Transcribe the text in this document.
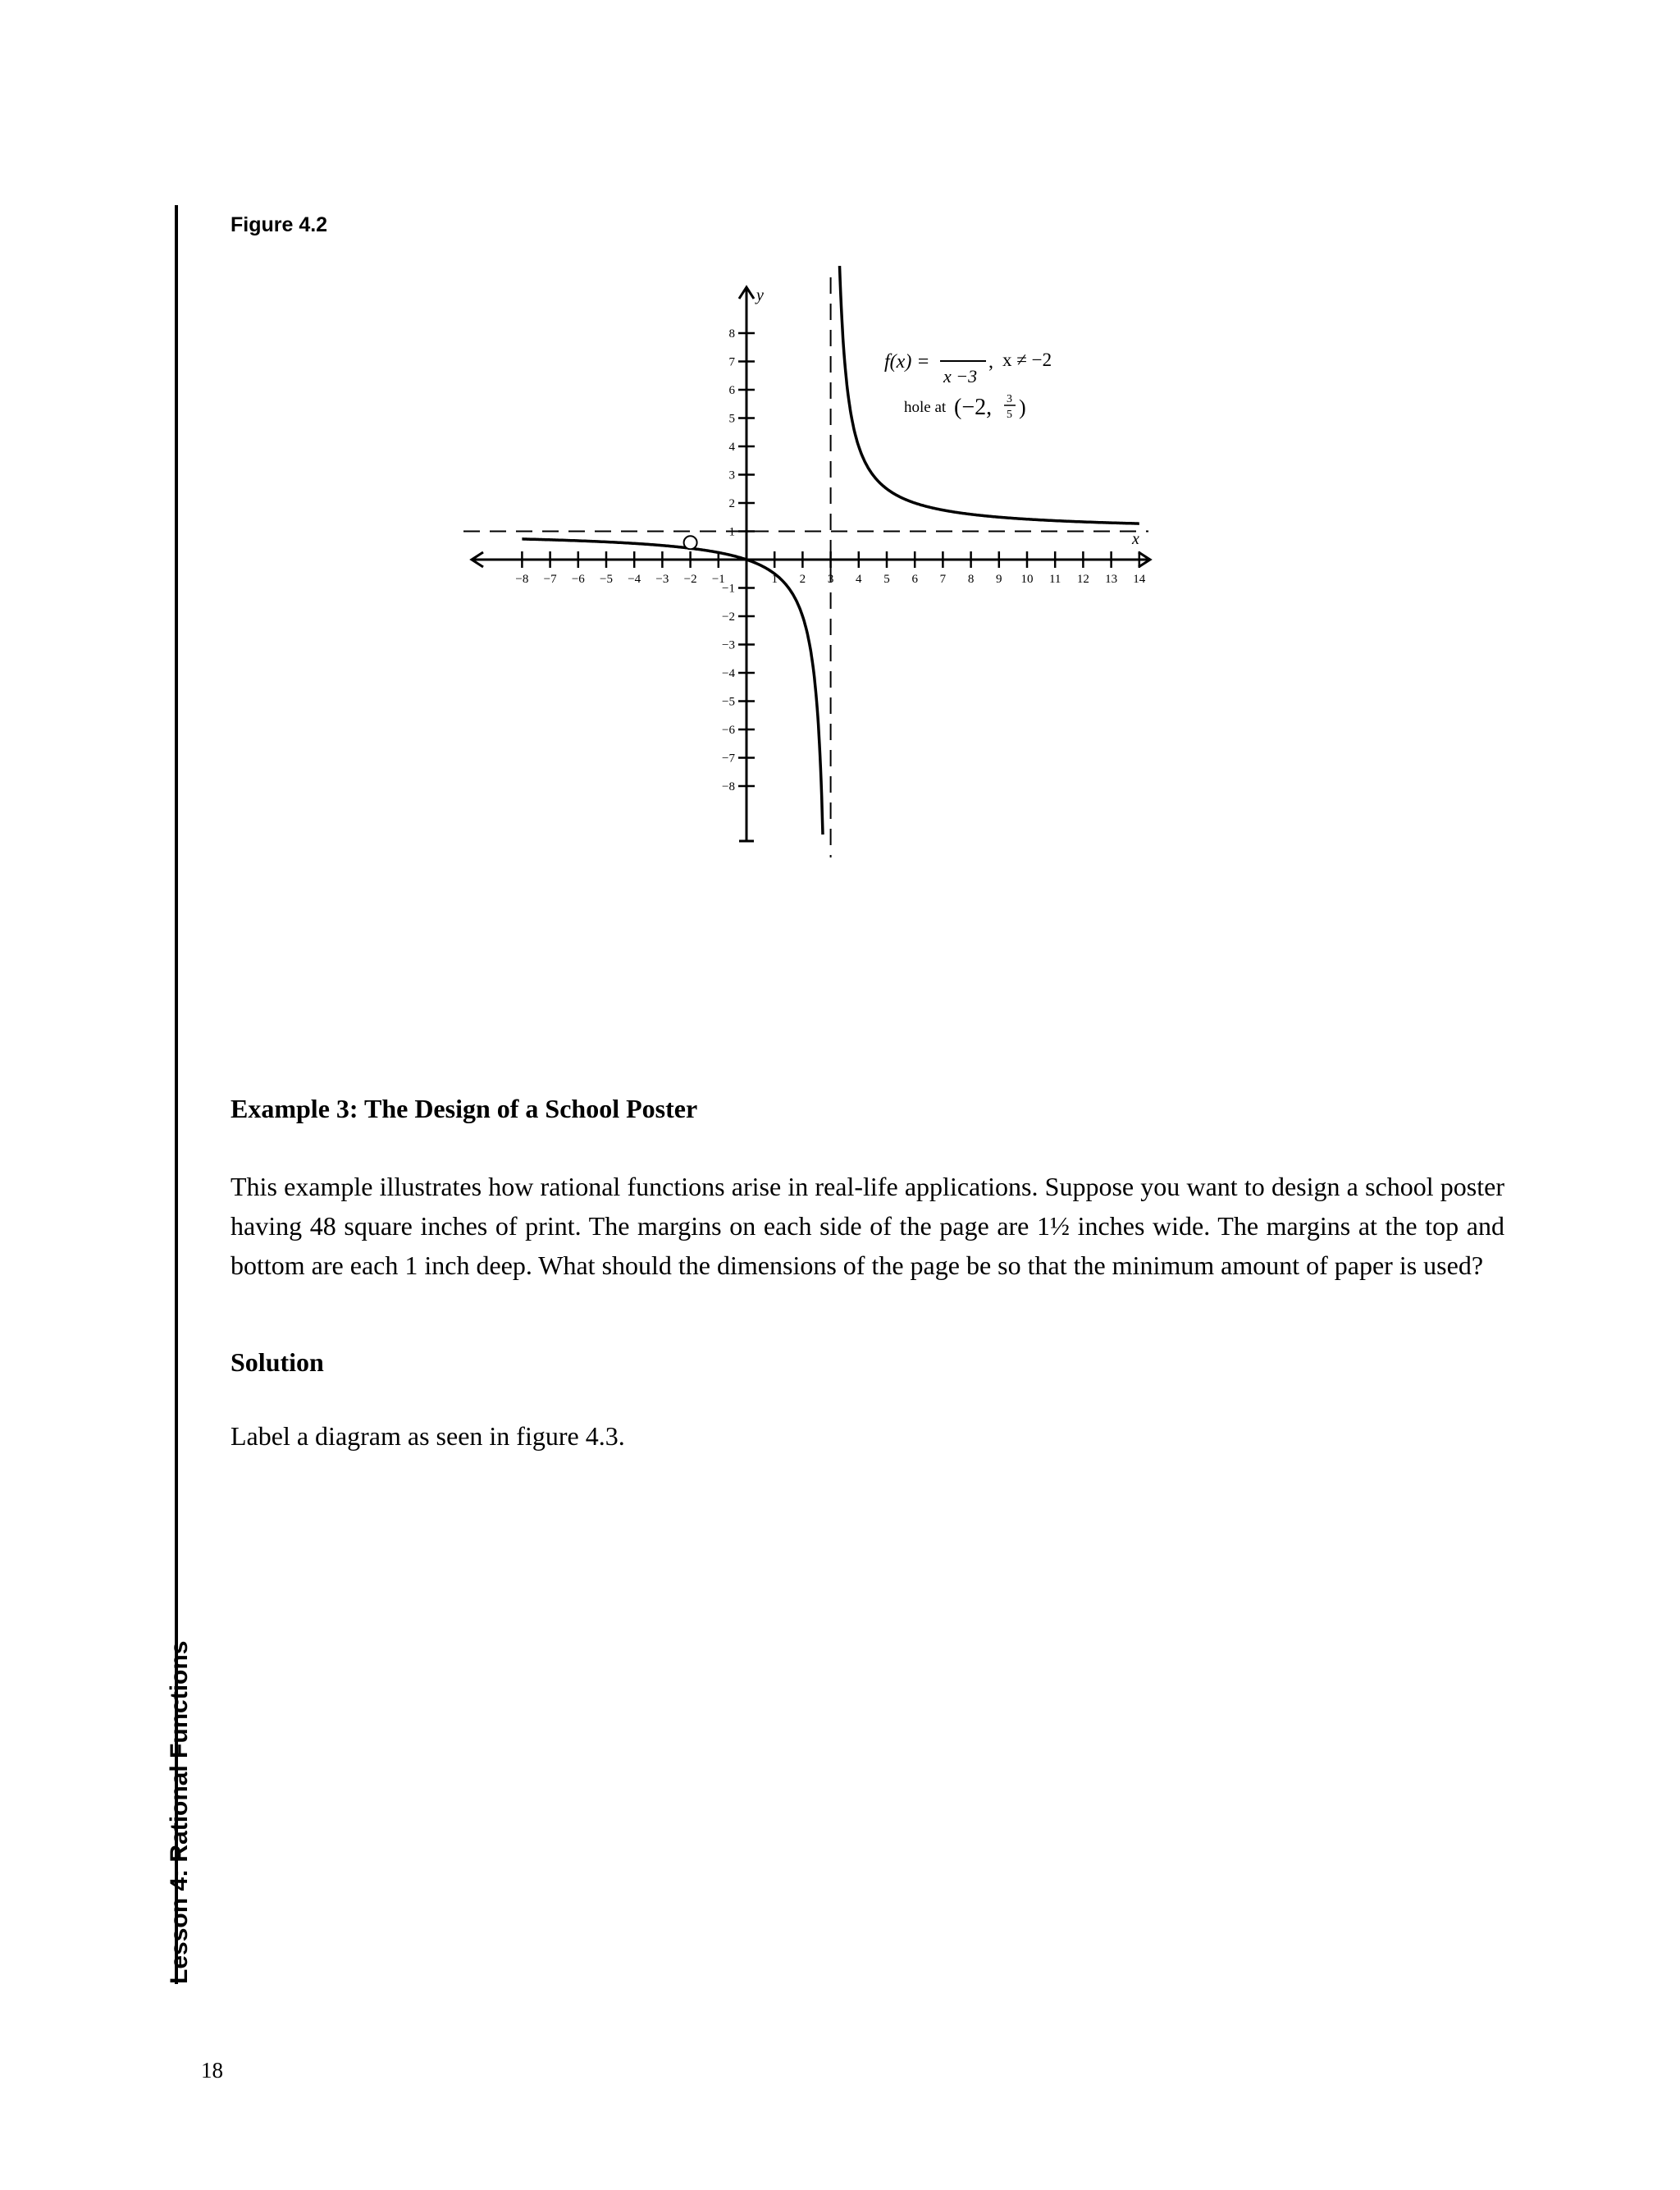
Lesson 4: Rational Functions
Figure 4.2
−8 −7 −6 −5 −4 −3 −2 −1	1 2 3 4 5 6 7 8 9 10 11 12 13 14
8
7
6
5
4
3
2
1
−1
−2
−3
−4
−5
−6
−7
−8
x
y
f(x) =
x −3
, x ≠ −2
hole at (−2, 3
5 )
Example 3: The Design of a School Poster
This example illustrates how rational functions arise in real-life applications. Suppose you want to design a school poster having 48 square inches of print. The margins on each side of the page are 1½ inches wide. The margins at the top and bottom are each 1 inch deep. What should the dimensions of the page be so that the minimum amount of paper is used?
Solution
Label a diagram as seen in figure 4.3.
18
